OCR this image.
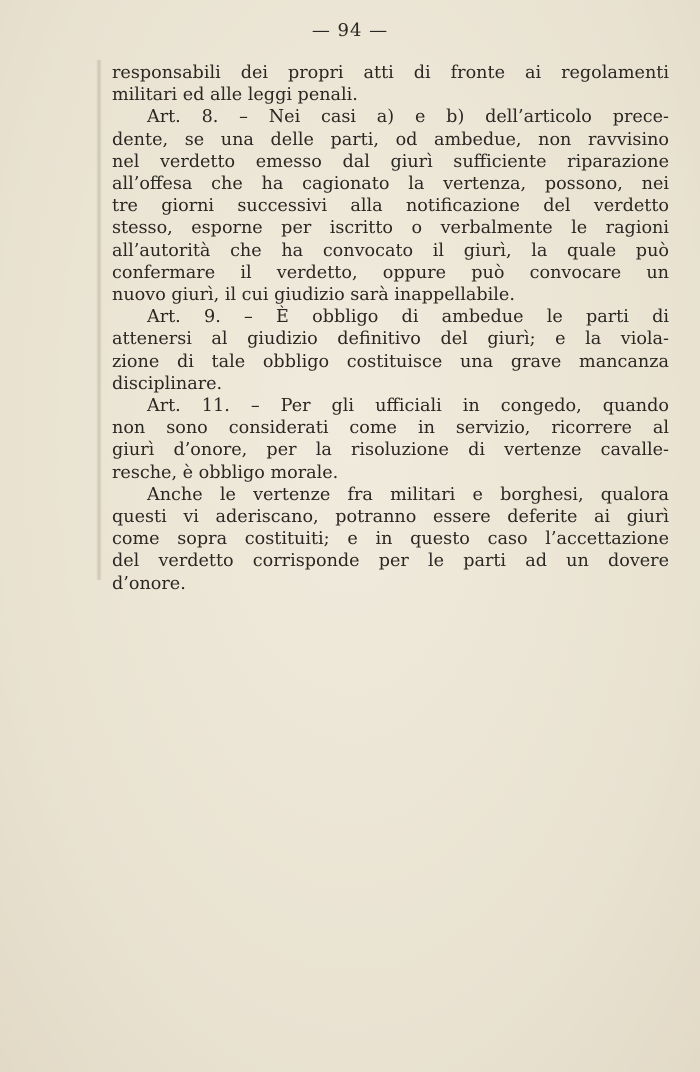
— 94 —
responsabili dei propri atti di fronte ai regolamenti
militari ed alle leggi penali.
Art. 8. – Nei casi a) e b) dell’articolo prece-
dente, se una delle parti, od ambedue, non ravvisino
nel verdetto emesso dal giurì sufficiente riparazione
all’offesa che ha cagionato la vertenza, possono, nei
tre giorni successivi alla notificazione del verdetto
stesso, esporne per iscritto o verbalmente le ragioni
all’autorità che ha convocato il giurì, la quale può
confermare il verdetto, oppure può convocare un
nuovo giurì, il cui giudizio sarà inappellabile.
Art. 9. – È obbligo di ambedue le parti di
attenersi al giudizio definitivo del giurì; e la viola-
zione di tale obbligo costituisce una grave mancanza
disciplinare.
Art. 11. – Per gli ufficiali in congedo, quando
non sono considerati come in servizio, ricorrere al
giurì d’onore, per la risoluzione di vertenze cavalle-
resche, è obbligo morale.
Anche le vertenze fra militari e borghesi, qualora
questi vi aderiscano, potranno essere deferite ai giurì
come sopra costituiti; e in questo caso l’accettazione
del verdetto corrisponde per le parti ad un dovere
d’onore.
